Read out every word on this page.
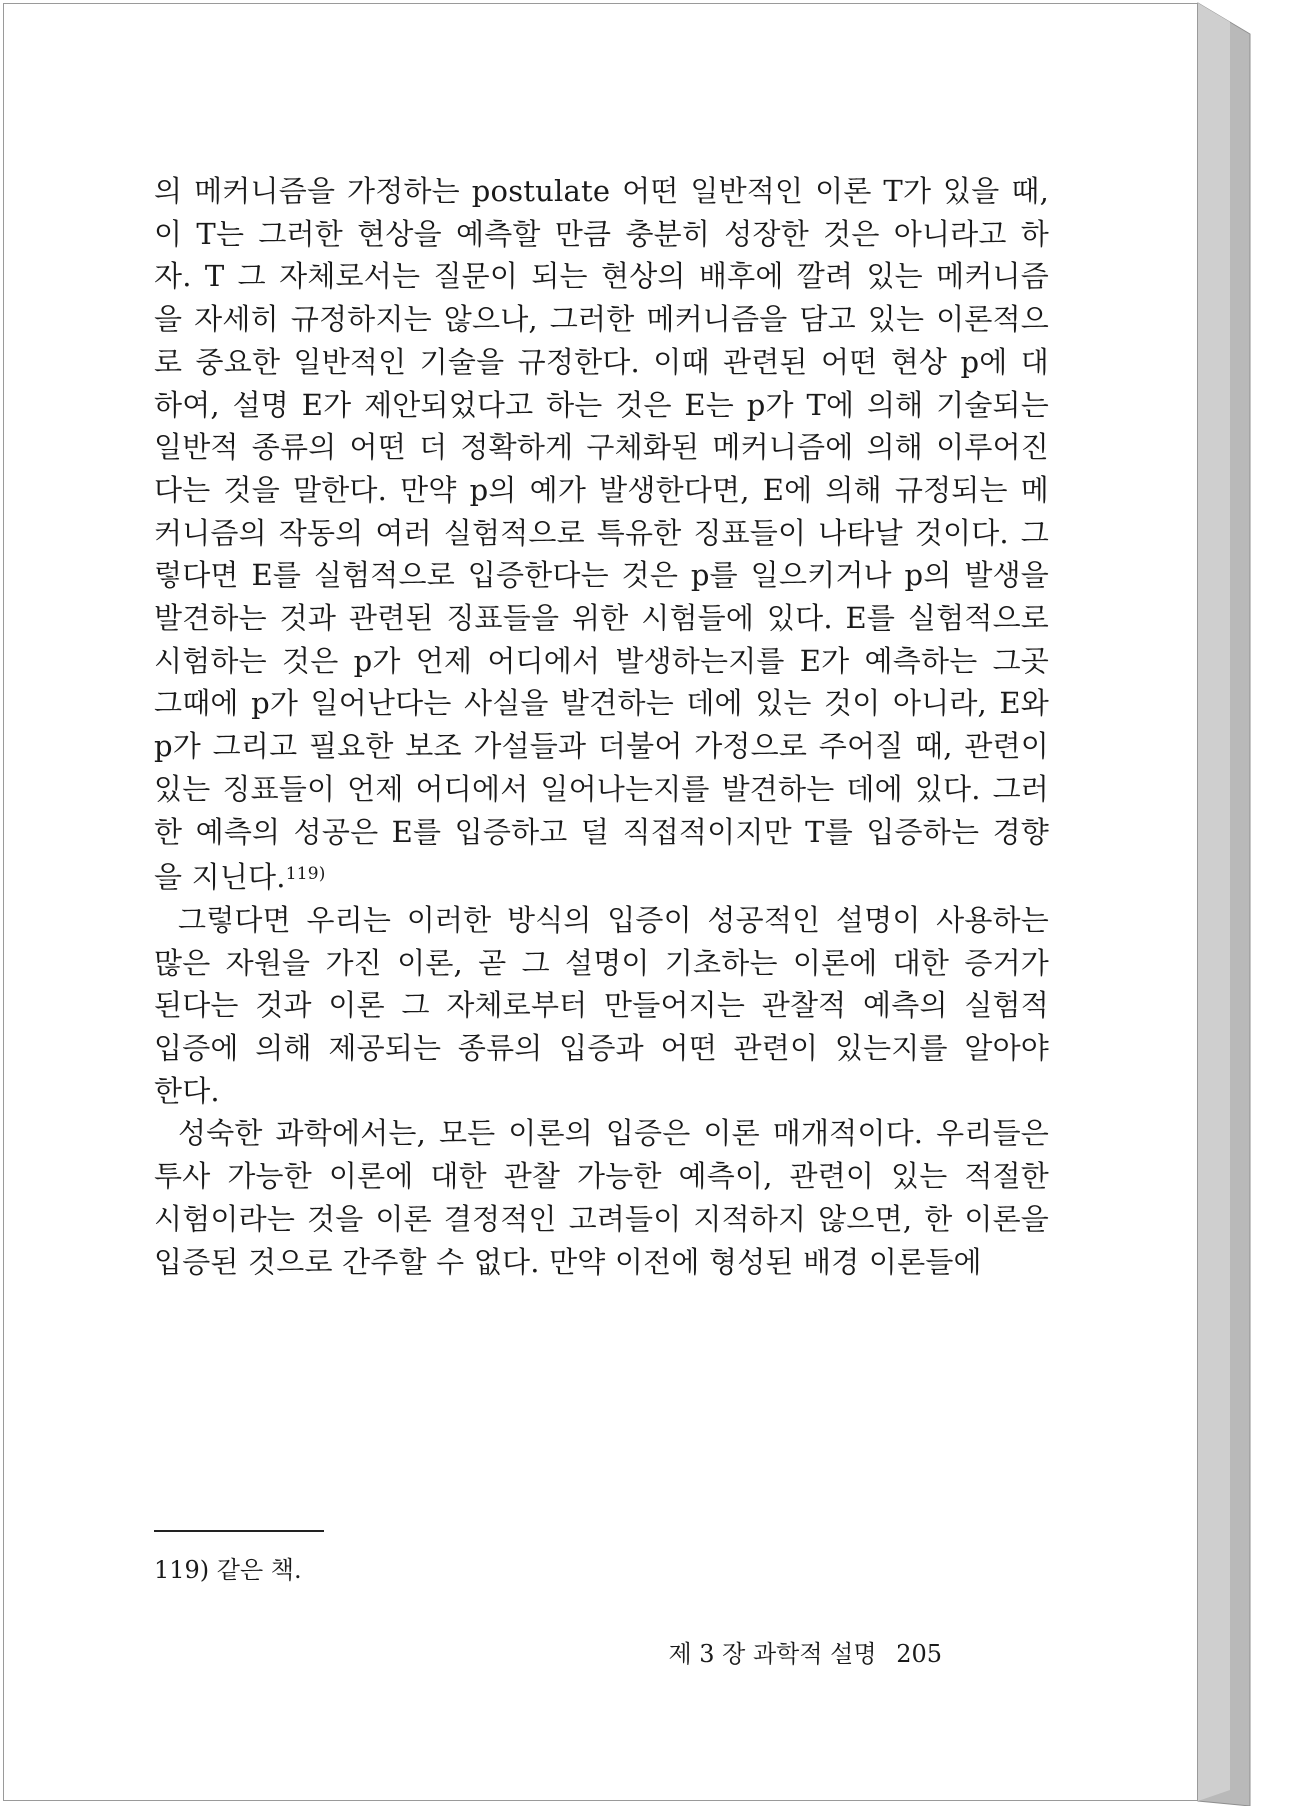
의 메커니즘을 가정하는 postulate 어떤 일반적인 이론 T가 있을 때,

이 T는 그러한 현상을 예측할 만큼 충분히 성장한 것은 아니라고 하

자. T 그 자체로서는 질문이 되는 현상의 배후에 깔려 있는 메커니즘

을 자세히 규정하지는 않으나, 그러한 메커니즘을 담고 있는 이론적으

로 중요한 일반적인 기술을 규정한다. 이때 관련된 어떤 현상 p에 대

하여, 설명 E가 제안되었다고 하는 것은 E는 p가 T에 의해 기술되는

일반적 종류의 어떤 더 정확하게 구체화된 메커니즘에 의해 이루어진

다는 것을 말한다. 만약 p의 예가 발생한다면, E에 의해 규정되는 메

커니즘의 작동의 여러 실험적으로 특유한 징표들이 나타날 것이다. 그

렇다면 E를 실험적으로 입증한다는 것은 p를 일으키거나 p의 발생을

발견하는 것과 관련된 징표들을 위한 시험들에 있다. E를 실험적으로

시험하는 것은 p가 언제 어디에서 발생하는지를 E가 예측하는 그곳

그때에 p가 일어난다는 사실을 발견하는 데에 있는 것이 아니라, E와

p가 그리고 필요한 보조 가설들과 더불어 가정으로 주어질 때, 관련이

있는 징표들이 언제 어디에서 일어나는지를 발견하는 데에 있다. 그러

한 예측의 성공은 E를 입증하고 덜 직접적이지만 T를 입증하는 경향

을 지닌다.$^{119)}$

그렇다면 우리는 이러한 방식의 입증이 성공적인 설명이 사용하는

많은 자원을 가진 이론, 곧 그 설명이 기초하는 이론에 대한 증거가

된다는 것과 이론 그 자체로부터 만들어지는 관찰적 예측의 실험적

입증에 의해 제공되는 종류의 입증과 어떤 관련이 있는지를 알아야

한다.

성숙한 과학에서는, 모든 이론의 입증은 이론 매개적이다. 우리들은

투사 가능한 이론에 대한 관찰 가능한 예측이, 관련이 있는 적절한

시험이라는 것을 이론 결정적인 고려들이 지적하지 않으면, 한 이론을

입증된 것으로 간주할 수 없다. 만약 이전에 형성된 배경 이론들에

119) 같은 책.
제 3 장 과학적 설명 205
